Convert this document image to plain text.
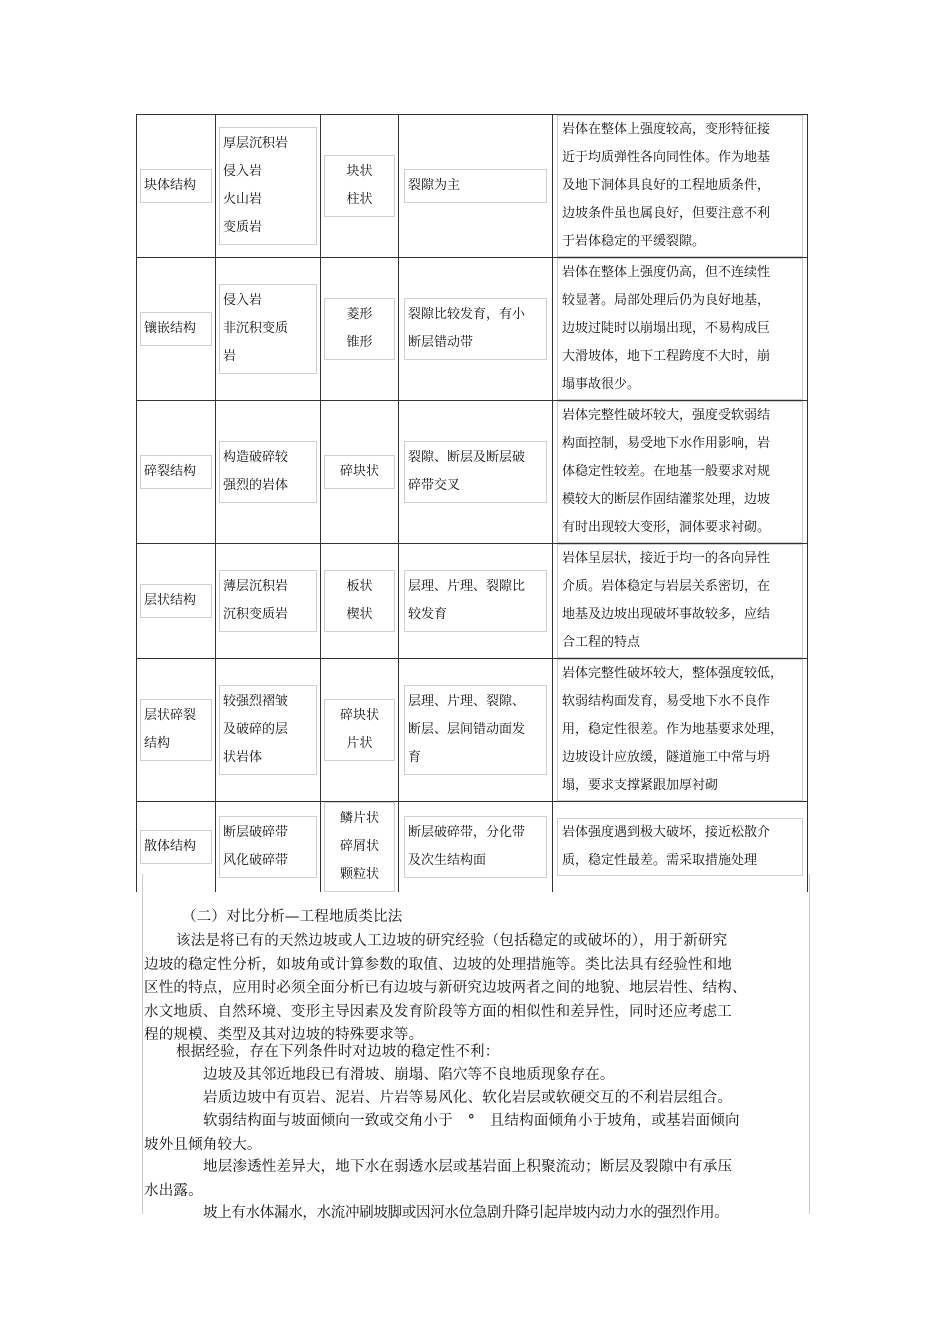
块体结构	厚层沉积岩
侵入岩
火山岩
变质岩	块状
柱状	裂隙为主	岩体在整体上强度较高，变形特征接
近于均质弹性各向同性体。作为地基
及地下洞体具良好的工程地质条件，
边坡条件虽也属良好，但要注意不利
于岩体稳定的平缓裂隙。

镶嵌结构	侵入岩
非沉积变质
岩	菱形
锥形	裂隙比较发育，有小
断层错动带	岩体在整体上强度仍高，但不连续性
较显著。局部处理后仍为良好地基，
边坡过陡时以崩塌出现，不易构成巨
大滑坡体，地下工程跨度不大时，崩
塌事故很少。

碎裂结构	构造破碎较
强烈的岩体	碎块状	裂隙、断层及断层破
碎带交叉	岩体完整性破坏较大，强度受软弱结
构面控制，易受地下水作用影响，岩
体稳定性较差。在地基一般要求对规
模较大的断层作固结灌浆处理，边坡
有时出现较大变形，洞体要求衬砌。

层状结构	薄层沉积岩
沉积变质岩	板状
楔状	层理、片理、裂隙比
较发育	岩体呈层状，接近于均一的各向异性
介质。岩体稳定与岩层关系密切，在
地基及边坡出现破坏事故较多，应结
合工程的特点

层状碎裂
结构	较强烈褶皱
及破碎的层
状岩体	碎块状
片状	层理、片理、裂隙、
断层、层间错动面发
育	岩体完整性破坏较大，整体强度较低，
软弱结构面发育，易受地下水不良作
用，稳定性很差。作为地基要求处理，
边坡设计应放缓，隧道施工中常与坍
塌，要求支撑紧跟加厚衬砌

散体结构	断层破碎带
风化破碎带	鳞片状
碎屑状
颗粒状	断层破碎带，分化带
及次生结构面	岩体强度遇到极大破坏，接近松散介
质，稳定性最差。需采取措施处理
（二）对比分析—工程地质类比法
该法是将已有的天然边坡或人工边坡的研究经验（包括稳定的或破坏的），用于新研究
边坡的稳定性分析，如坡角或计算参数的取值、边坡的处理措施等。类比法具有经验性和地
区性的特点，应用时必须全面分析已有边坡与新研究边坡两者之间的地貌、地层岩性、结构、
水文地质、自然环境、变形主导因素及发育阶段等方面的相似性和差异性，同时还应考虑工
程的规模、类型及其对边坡的特殊要求等。
根据经验，存在下列条件时对边坡的稳定性不利：
边坡及其邻近地段已有滑坡、崩塌、陷穴等不良地质现象存在。
岩质边坡中有页岩、泥岩、片岩等易风化、软化岩层或软硬交互的不利岩层组合。
软弱结构面与坡面倾向一致或交角小于　°　且结构面倾角小于坡角，或基岩面倾向
坡外且倾角较大。
地层渗透性差异大，地下水在弱透水层或基岩面上积聚流动；断层及裂隙中有承压
水出露。
坡上有水体漏水，水流冲刷坡脚或因河水位急剧升降引起岸坡内动力水的强烈作用。
